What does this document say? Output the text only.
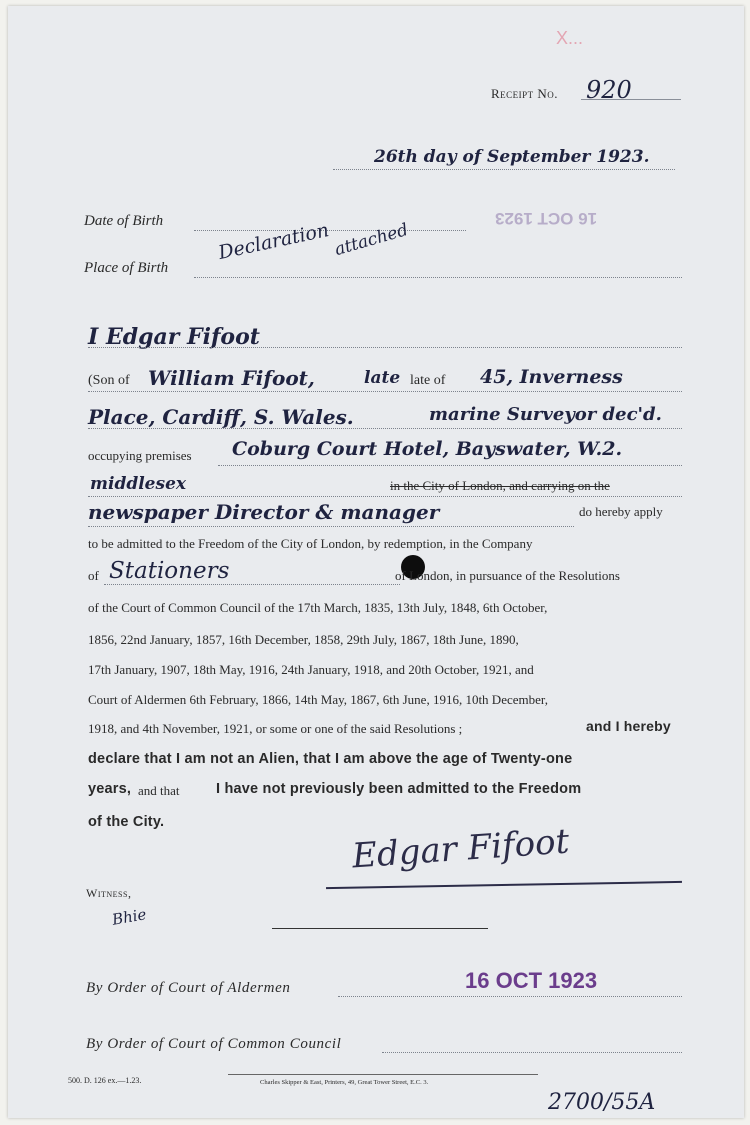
X...
Receipt No. 920
26th day of September 1923.
Date of Birth	16 OCT 1923
Place of Birth
Declaration attached
I Edgar Fifoot
(Son of William Fifoot,	late of 45, Inverness
late
Place, Cardiff, S. Wales.	marine Surveyor dec'd.
occupying premises Coburg Court Hotel, Bayswater, W.2.
middlesex	in the City of London, and carrying on the
newspaper Director & manager	do hereby apply
to be admitted to the Freedom of the City of London, by redemption, in the Company
of Stationers	of London, in pursuance of the Resolutions
of the Court of Common Council of the 17th March, 1835, 13th July, 1848, 6th October,
1856, 22nd January, 1857, 16th December, 1858, 29th July, 1867, 18th June, 1890,
17th January, 1907, 18th May, 1916, 24th January, 1918, and 20th October, 1921, and
Court of Aldermen 6th February, 1866, 14th May, 1867, 6th June, 1916, 10th December,
1918, and 4th November, 1921, or some or one of the said Resolutions ;	and I hereby
declare that I am not an Alien, that I am above the age of Twenty-one
years, and that	I have not previously been admitted to the Freedom
of the City.	Edgar Fifoot
Witness,
Bhie
By Order of Court of Aldermen	16 OCT 1923
By Order of Court of Common Council
500. D. 126 ex.—1.23.	Charles Skipper & East, Printers, 49, Great Tower Street, E.C. 3.
2700/55A
